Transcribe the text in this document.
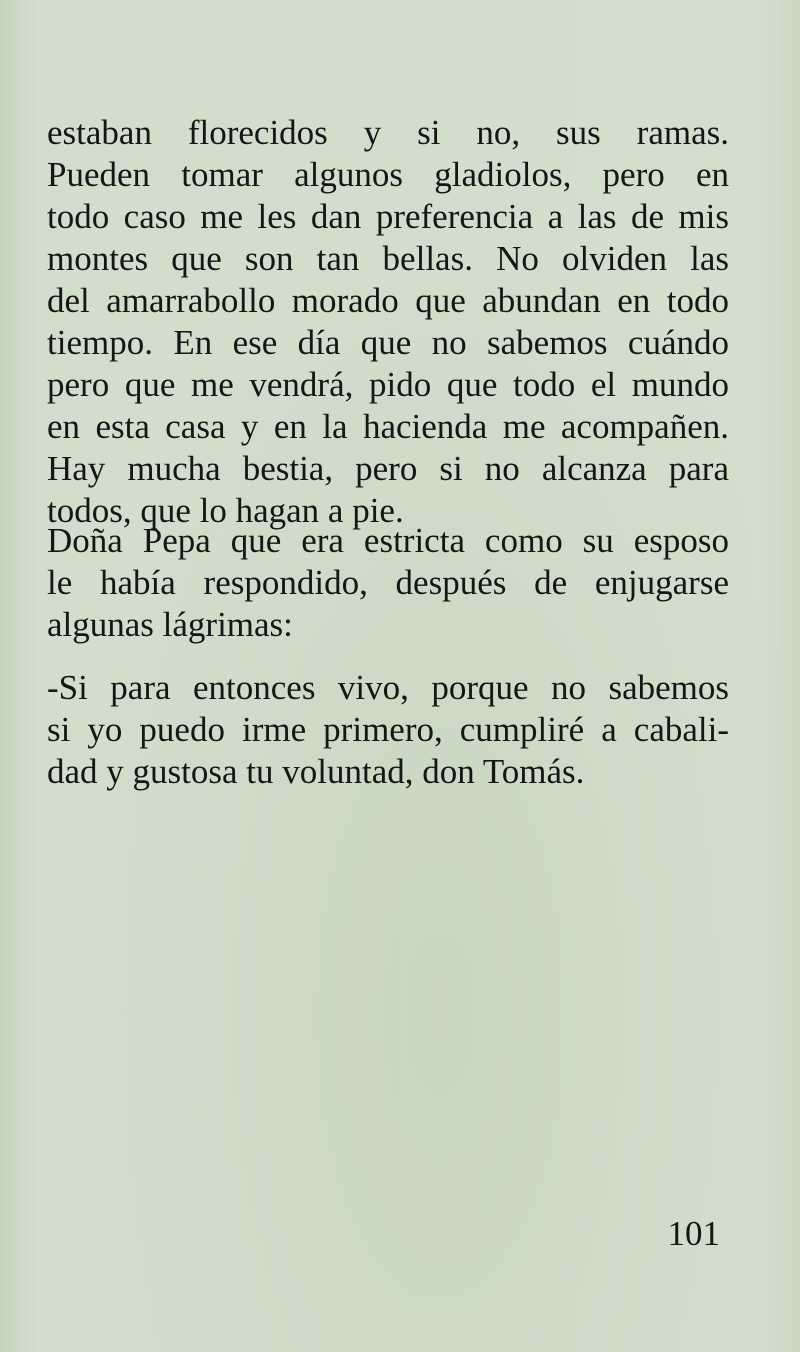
estaban florecidos y si no, sus ramas.
Pueden tomar algunos gladiolos, pero en
todo caso me les dan preferencia a las de mis
montes que son tan bellas. No olviden las
del amarrabollo morado que abundan en todo
tiempo. En ese día que no sabemos cuándo
pero que me vendrá, pido que todo el mundo
en esta casa y en la hacienda me acompañen.
Hay mucha bestia, pero si no alcanza para
todos, que lo hagan a pie.
Doña Pepa que era estricta como su esposo
le había respondido, después de enjugarse
algunas lágrimas:
-Si para entonces vivo, porque no sabemos
si yo puedo irme primero, cumpliré a cabali-
dad y gustosa tu voluntad, don Tomás.
101
